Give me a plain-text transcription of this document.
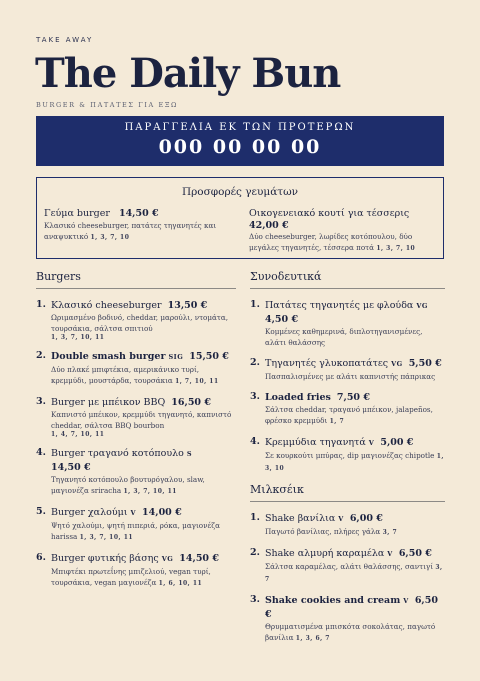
TAKE AWAY
The Daily Bun
BURGER & ΠΑΤΑΤΕΣ ΓΙΑ ΕΞΩ
ΠΑΡΑΓΓΕΛΙΑ ΕΚ ΤΩΝ ΠΡΟΤΕΡΩΝ
000 00 00 00
Προσφορές γευμάτων
Γεύμα burger 14,50 €
Κλασικό cheeseburger, πατάτες τηγανητές και αναψυκτικό 1, 3, 7, 10
Οικογενειακό κουτί για τέσσερις
42,00 €
Δύο cheeseburger, λωρίδες κοτόπουλου, δύο μεγάλες τηγανητές, τέσσερα ποτά 1, 3, 7, 10
Burgers
1. Κλασικό cheeseburger 13,50 €
Ωριμασμένο βοδινό, cheddar, μαρούλι, ντομάτα, τουρσάκια, σάλτσα σπιτιού
1, 3, 7, 10, 11
2. Double smash burger SIG 15,50 €
Δύο πλακέ μπιφτέκια, αμερικάνικο τυρί, κρεμμύδι, μουστάρδα, τουρσάκια 1, 7, 10, 11
3. Burger με μπέικον BBQ 16,50 €
Καπνιστό μπέικον, κρεμμύδι τηγανητό, καπνιστό cheddar, σάλτσα BBQ bourbon
1, 4, 7, 10, 11
4. Burger τραγανό κοτόπουλο S
14,50 €
Τηγανητό κοτόπουλο βουτυρόγαλου, slaw, μαγιονέζα sriracha 1, 3, 7, 10, 11
5. Burger χαλούμι V 14,00 €
Ψητό χαλούμι, ψητή πιπεριά, ρόκα, μαγιονέζα harissa 1, 3, 7, 10, 11
6. Burger φυτικής βάσης VG 14,50 €
Μπιφτέκι πρωτεΐνης μπιζελιού, vegan τυρί, τουρσάκια, vegan μαγιονέζα 1, 6, 10, 11
Συνοδευτικά
1. Πατάτες τηγανητές με φλούδα VG
4,50 €
Κομμένες καθημερινά, διπλοτηγανισμένες, αλάτι θαλάσσης
2. Τηγανητές γλυκοπατάτες VG 5,50 €
Πασπαλισμένες με αλάτι καπνιστής πάπρικας
3. Loaded fries 7,50 €
Σάλτσα cheddar, τραγανό μπέικον, jalapeños, φρέσκο κρεμμύδι 1, 7
4. Κρεμμύδια τηγανητά V 5,00 €
Σε κουρκούτι μπύρας, dip μαγιονέζας chipotle 1, 3, 10
Μιλκσέικ
1. Shake βανίλια V 6,00 €
Παγωτό βανίλιας, πλήρες γάλα 3, 7
2. Shake αλμυρή καραμέλα V 6,50 €
Σάλτσα καραμέλας, αλάτι θαλάσσης, σαντιγί 3, 7
3. Shake cookies and cream V 6,50 €
Θρυμματισμένα μπισκότα σοκολάτας, παγωτό βανίλια 1, 3, 6, 7
